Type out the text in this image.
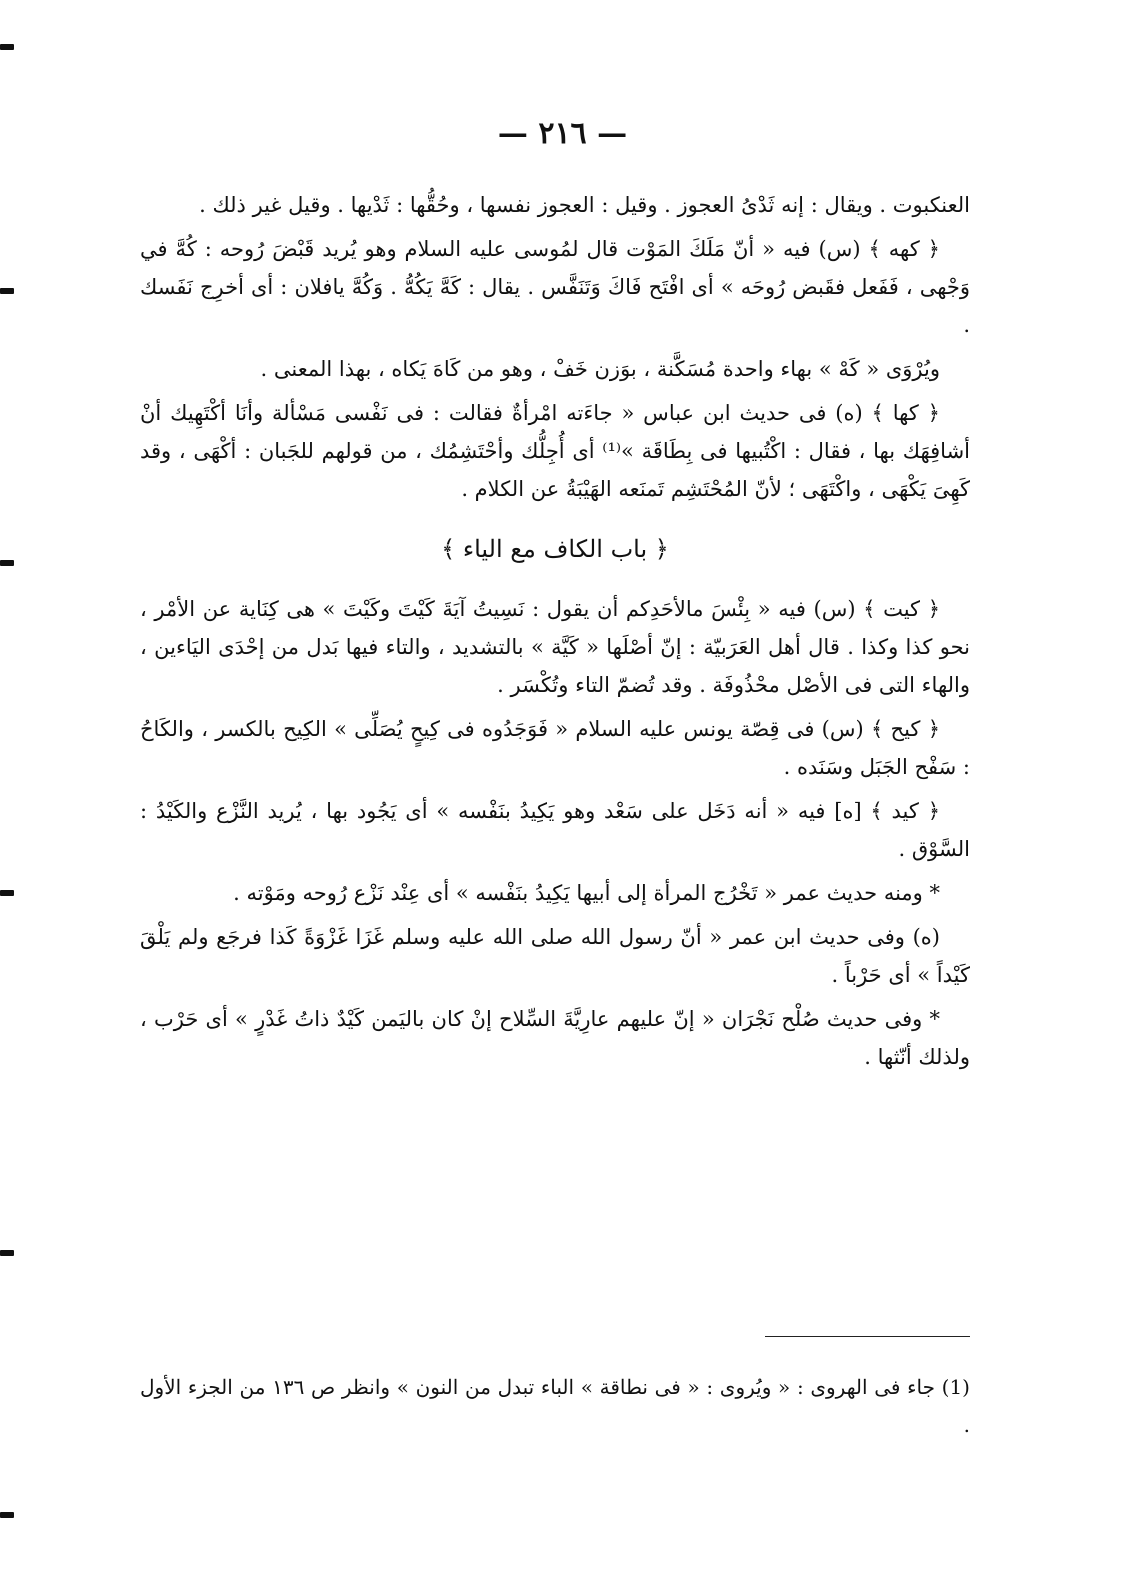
— ٢١٦ —

العنكبوت . ويقال : إنه ثَدْىُ العجوز . وقيل : العجوز نفسها ، وحُقُّها : ثَدْيها . وقيل غير ذلك .

﴿ كهه ﴾ (س) فيه « أنّ مَلَكَ المَوْت قال لمُوسى عليه السلام وهو يُريد قَبْضَ رُوحه : كُهَّ في وَجْهى ، فَفَعل فقَبض رُوحَه » أى افْتَح فَاكَ وَتَنَفَّس . يقال : كَهَّ يَكُهُّ . وَكُهَّ يافلان : أى أخرِج نَفَسك .

ويُرْوَى « كَهْ » بهاء واحدة مُسَكَّنة ، بوَزن خَفْ ، وهو من كَاهَ يَكاه ، بهذا المعنى .

﴿ كها ﴾ (ه) فى حديث ابن عباس « جاءَته امْرأةٌ فقالت : فى نَفْسى مَسْألة وأنَا أكْتَهِيك أنْ أشافِهَك بها ، فقال : اكْتُبيها فى بِطَاقَة »⁽¹⁾ أى أُجِلُّك وأحْتَشِمُك ، من قولهم للجَبان : أكْهَى ، وقد كَهِىَ يَكْهَى ، واكْتَهَى ؛ لأنّ المُحْتَشِم تَمنَعه الهَيْبَةُ عن الكلام .

﴿ باب الكاف مع الياء ﴾

﴿ كيت ﴾ (س) فيه « بِئْسَ مالأحَدِكم أن يقول : نَسِيتُ آيَةَ كَيْتَ وكَيْتَ » هى كِنَاية عن الأمْر ، نحو كذا وكذا . قال أهل العَرَبيّة : إنّ أصْلَها « كَيَّة » بالتشديد ، والتاء فيها بَدل من إحْدَى اليَاءين ، والهاء التى فى الأصْل محْذُوفَة . وقد تُضمّ التاء وتُكْسَر .

﴿ كيح ﴾ (س) فى قِصّة يونس عليه السلام « فَوَجَدُوه فى كِيحٍ يُصَلِّى » الكِيح بالكسر ، والكَاحُ : سَفْح الجَبَل وسَنَده .

﴿ كيد ﴾ [ه] فيه « أنه دَخَل على سَعْد وهو يَكِيدُ بنَفْسه » أى يَجُود بها ، يُريد النَّزْع والكَيْدُ : السَّوْق .

* ومنه حديث عمر « تَخْرُج المرأة إلى أبيها يَكِيدُ بنَفْسه » أى عِنْد نَزْع رُوحه ومَوْته .

(ه) وفى حديث ابن عمر « أنّ رسول الله صلى الله عليه وسلم غَزَا غَزْوَةً كَذا فرجَع ولم يَلْقَ كَيْداً » أى حَرْباً .

* وفى حديث صُلْح نَجْرَان « إنّ عليهم عارِيَّةَ السِّلاح إنْ كان باليَمن كَيْدٌ ذاتُ غَدْرٍ » أى حَرْب ، ولذلك أنّثها .

(1) جاء فى الهروى : « ويُروى : « فى نطاقة » الباء تبدل من النون » وانظر ص ١٣٦ من الجزء الأول .
